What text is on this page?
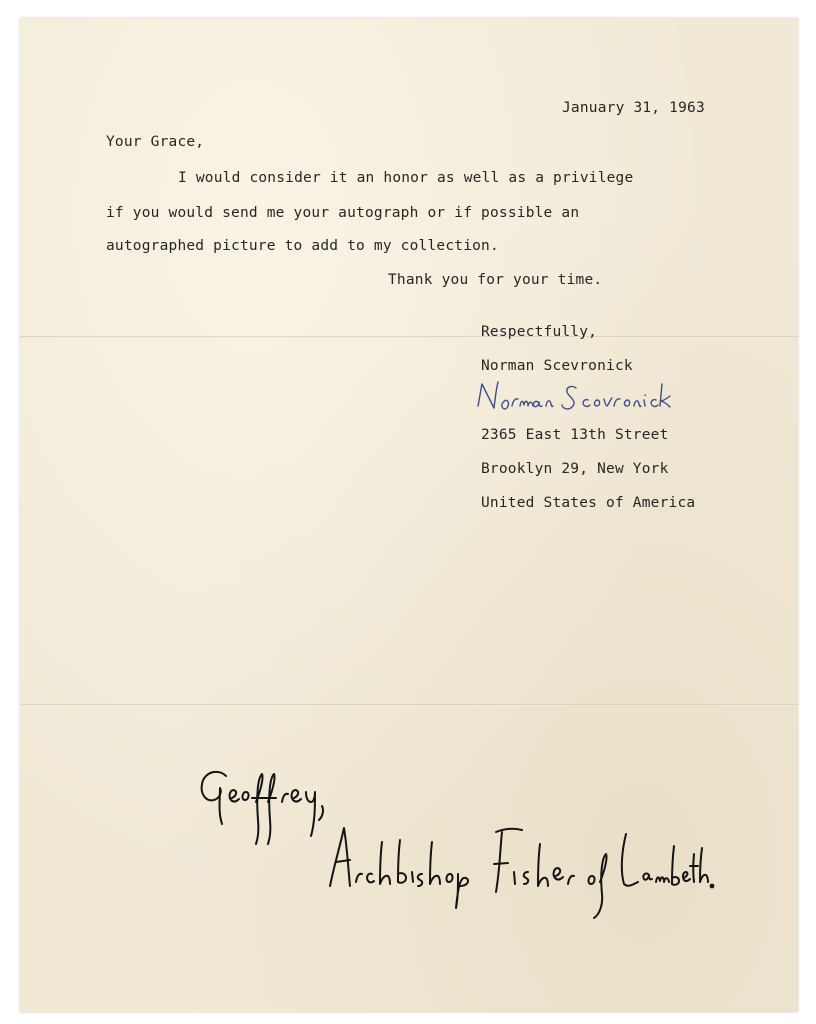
January 31, 1963
Your Grace,
I would consider it an honor as well as a privilege
if you would send me your autograph or if possible an
autographed picture to add to my collection.
Thank you for your time.
Respectfully,
Norman Scevronick
2365 East 13th Street
Brooklyn 29, New York
United States of America
